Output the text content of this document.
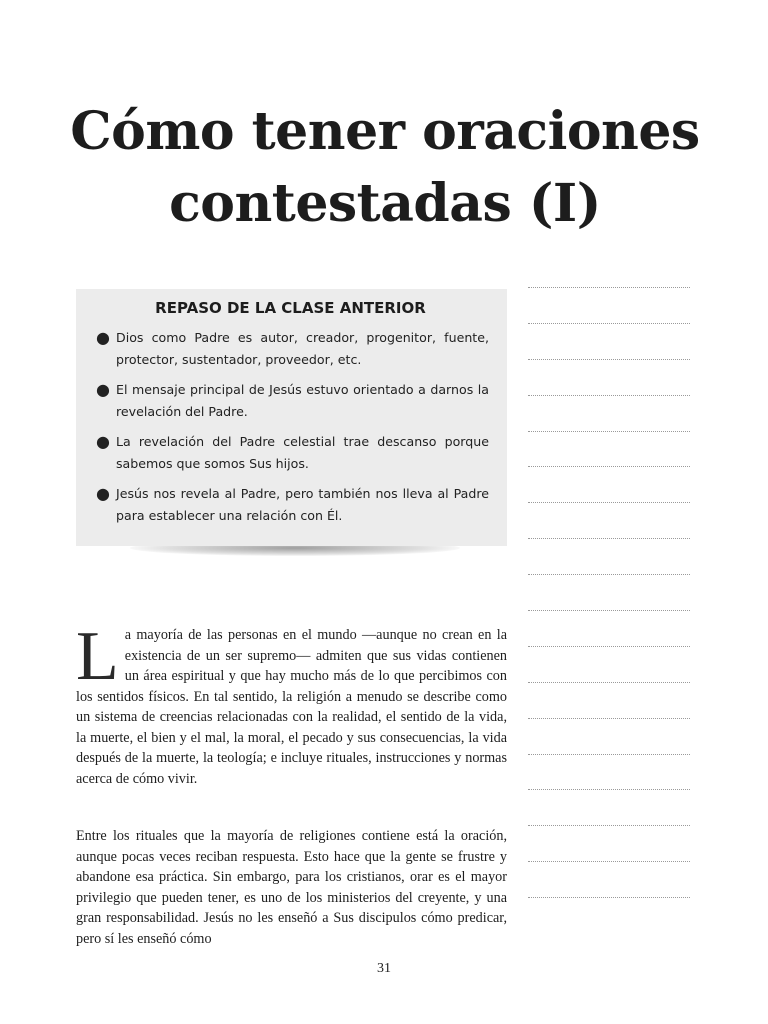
Cómo tener oraciones
contestadas (I)
REPASO DE LA CLASE ANTERIOR
● Dios como Padre es autor, creador, progenitor, fuente, protector, sustentador, proveedor, etc.
● El mensaje principal de Jesús estuvo orientado a darnos la revelación del Padre.
● La revelación del Padre celestial trae descanso porque sabemos que somos Sus hijos.
● Jesús nos revela al Padre, pero también nos lleva al Padre para establecer una relación con Él.

La mayoría de las personas en el mundo —aunque no crean en la existencia de un ser supremo— admiten que sus vidas contienen un área espiritual y que hay mucho más de lo que percibimos con los sentidos físicos. En tal sentido, la religión a menudo se describe como un sistema de creencias relacionadas con la realidad, el sentido de la vida, la muerte, el bien y el mal, la moral, el pecado y sus consecuencias, la vida después de la muerte, la teología; e incluye rituales, instrucciones y normas acerca de cómo vivir.

Entre los rituales que la mayoría de religiones contiene está la oración, aunque pocas veces reciban respuesta. Esto hace que la gente se frustre y abandone esa práctica. Sin embargo, para los cristianos, orar es el mayor privilegio que pueden tener, es uno de los ministerios del creyente, y una gran responsabilidad. Jesús no les enseñó a Sus discipulos cómo predicar, pero sí les enseñó cómo

31
